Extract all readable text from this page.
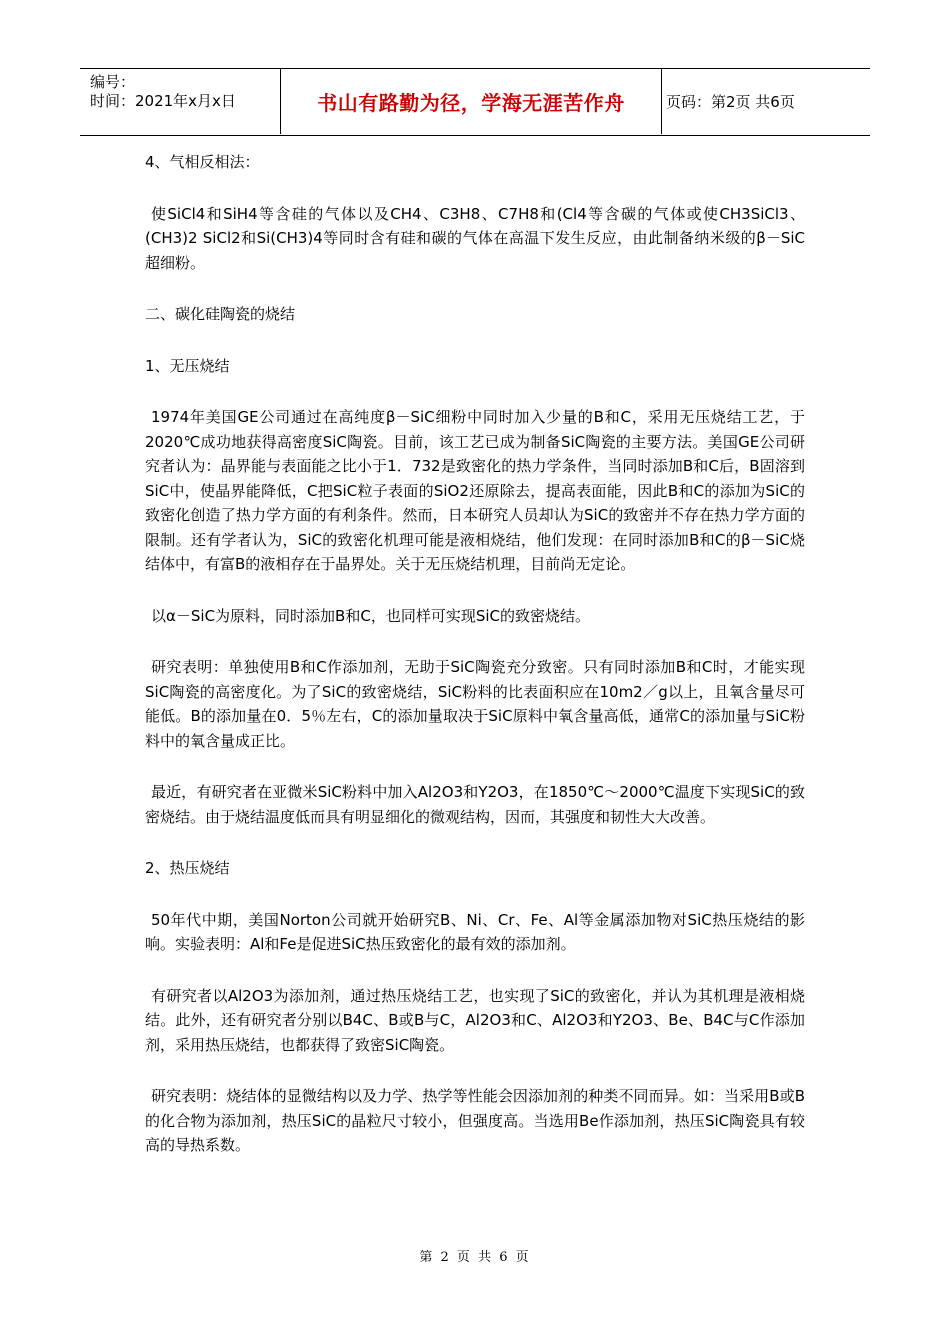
编号：
时间：2021年x月x日	书山有路勤为径，学海无涯苦作舟	页码：第2页 共6页

4、气相反相法：

使SiCl4和SiH4等含硅的气体以及CH4、C3H8、C7H8和(Cl4等含碳的气体或使CH3SiCl3、(CH3)2 SiCl2和Si(CH3)4等同时含有硅和碳的气体在高温下发生反应，由此制备纳米级的β－SiC超细粉。

二、碳化硅陶瓷的烧结

1、无压烧结

1974年美国GE公司通过在高纯度β－SiC细粉中同时加入少量的B和C，采用无压烧结工艺，于2020℃成功地获得高密度SiC陶瓷。目前，该工艺已成为制备SiC陶瓷的主要方法。美国GE公司研究者认为：晶界能与表面能之比小于1．732是致密化的热力学条件，当同时添加B和C后，B固溶到SiC中，使晶界能降低，C把SiC粒子表面的SiO2还原除去，提高表面能，因此B和C的添加为SiC的致密化创造了热力学方面的有利条件。然而，日本研究人员却认为SiC的致密并不存在热力学方面的限制。还有学者认为，SiC的致密化机理可能是液相烧结，他们发现：在同时添加B和C的β－SiC烧结体中，有富B的液相存在于晶界处。关于无压烧结机理，目前尚无定论。

以α－SiC为原料，同时添加B和C，也同样可实现SiC的致密烧结。

研究表明：单独使用B和C作添加剂，无助于SiC陶瓷充分致密。只有同时添加B和C时，才能实现SiC陶瓷的高密度化。为了SiC的致密烧结，SiC粉料的比表面积应在10m2／g以上，且氧含量尽可能低。B的添加量在0．5％左右，C的添加量取决于SiC原料中氧含量高低，通常C的添加量与SiC粉料中的氧含量成正比。

最近，有研究者在亚微米SiC粉料中加入Al2O3和Y2O3，在1850℃～2000℃温度下实现SiC的致密烧结。由于烧结温度低而具有明显细化的微观结构，因而，其强度和韧性大大改善。

2、热压烧结

50年代中期，美国Norton公司就开始研究B、Ni、Cr、Fe、Al等金属添加物对SiC热压烧结的影响。实验表明：Al和Fe是促进SiC热压致密化的最有效的添加剂。

有研究者以Al2O3为添加剂，通过热压烧结工艺，也实现了SiC的致密化，并认为其机理是液相烧结。此外，还有研究者分别以B4C、B或B与C，Al2O3和C、Al2O3和Y2O3、Be、B4C与C作添加剂，采用热压烧结，也都获得了致密SiC陶瓷。

研究表明：烧结体的显微结构以及力学、热学等性能会因添加剂的种类不同而异。如：当采用B或B的化合物为添加剂，热压SiC的晶粒尺寸较小，但强度高。当选用Be作添加剂，热压SiC陶瓷具有较高的导热系数。

第 2 页 共 6 页
